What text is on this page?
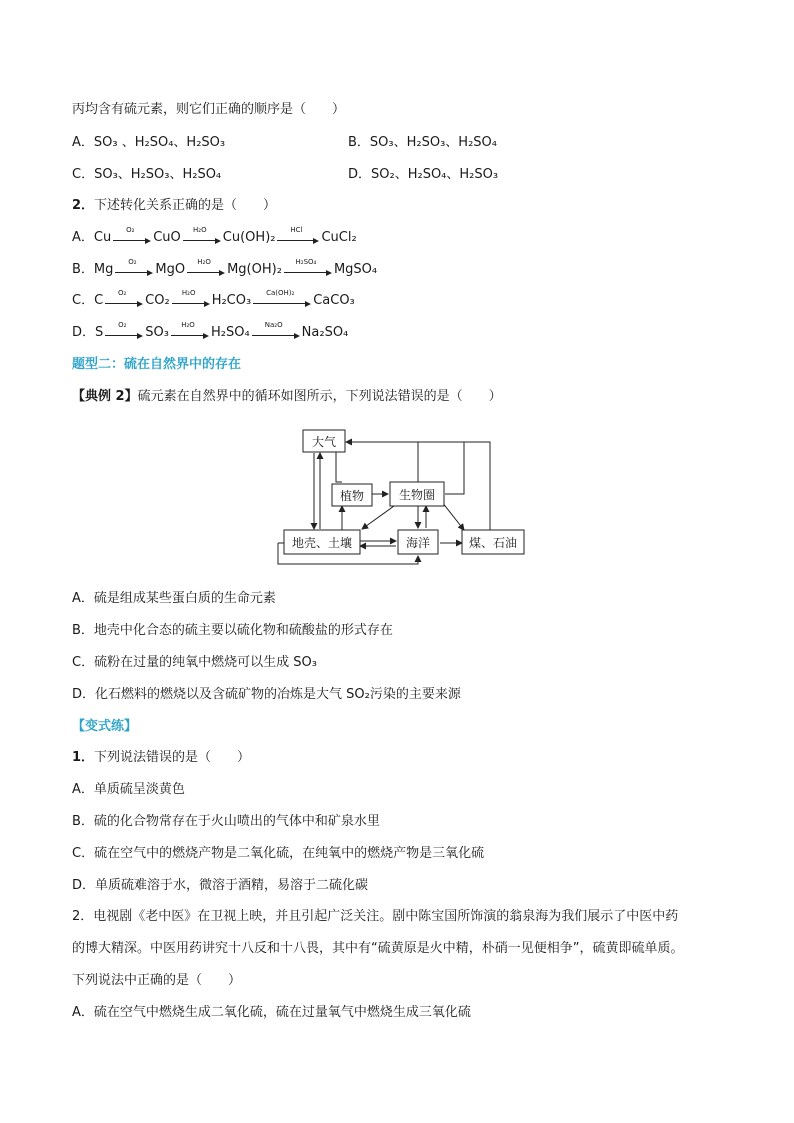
丙均含有硫元素，则它们正确的顺序是（　　）
A．SO₃ 、H₂SO₄、H₂SO₃	B．SO₃、H₂SO₃、H₂SO₄
C．SO₃、H₂SO₃、H₂SO₄	D．SO₂、H₂SO₄、H₂SO₃
2．下述转化关系正确的是（　　）
A．Cu
O₂
CuO
H₂O
Cu(OH)₂
HCl
CuCl₂
B．Mg
O₂
MgO
H₂O
Mg(OH)₂
H₂SO₄
MgSO₄
C．C
O₂
CO₂
H₂O
H₂CO₃
Ca(OH)₂
CaCO₃
D．S
O₂
SO₃
H₂O
H₂SO₄
Na₂O
Na₂SO₄
题型二：硫在自然界中的存在
【典例 2】硫元素在自然界中的循环如图所示，下列说法错误的是（　　）
大气
植物	生物圈
地壳、土壤	海洋	煤、石油
A．硫是组成某些蛋白质的生命元素
B．地壳中化合态的硫主要以硫化物和硫酸盐的形式存在
C．硫粉在过量的纯氧中燃烧可以生成 SO₃
D．化石燃料的燃烧以及含硫矿物的冶炼是大气 SO₂污染的主要来源
【变式练】
1．下列说法错误的是（　　）
A．单质硫呈淡黄色
B．硫的化合物常存在于火山喷出的气体中和矿泉水里
C．硫在空气中的燃烧产物是二氧化硫，在纯氧中的燃烧产物是三氧化硫
D．单质硫难溶于水，微溶于酒精，易溶于二硫化碳
2．电视剧《老中医》在卫视上映，并且引起广泛关注。剧中陈宝国所饰演的翁泉海为我们展示了中医中药
的博大精深。中医用药讲究十八反和十八畏，其中有“硫黄原是火中精，朴硝一见便相争”，硫黄即硫单质。
下列说法中正确的是（　　）
A．硫在空气中燃烧生成二氧化硫，硫在过量氧气中燃烧生成三氧化硫
